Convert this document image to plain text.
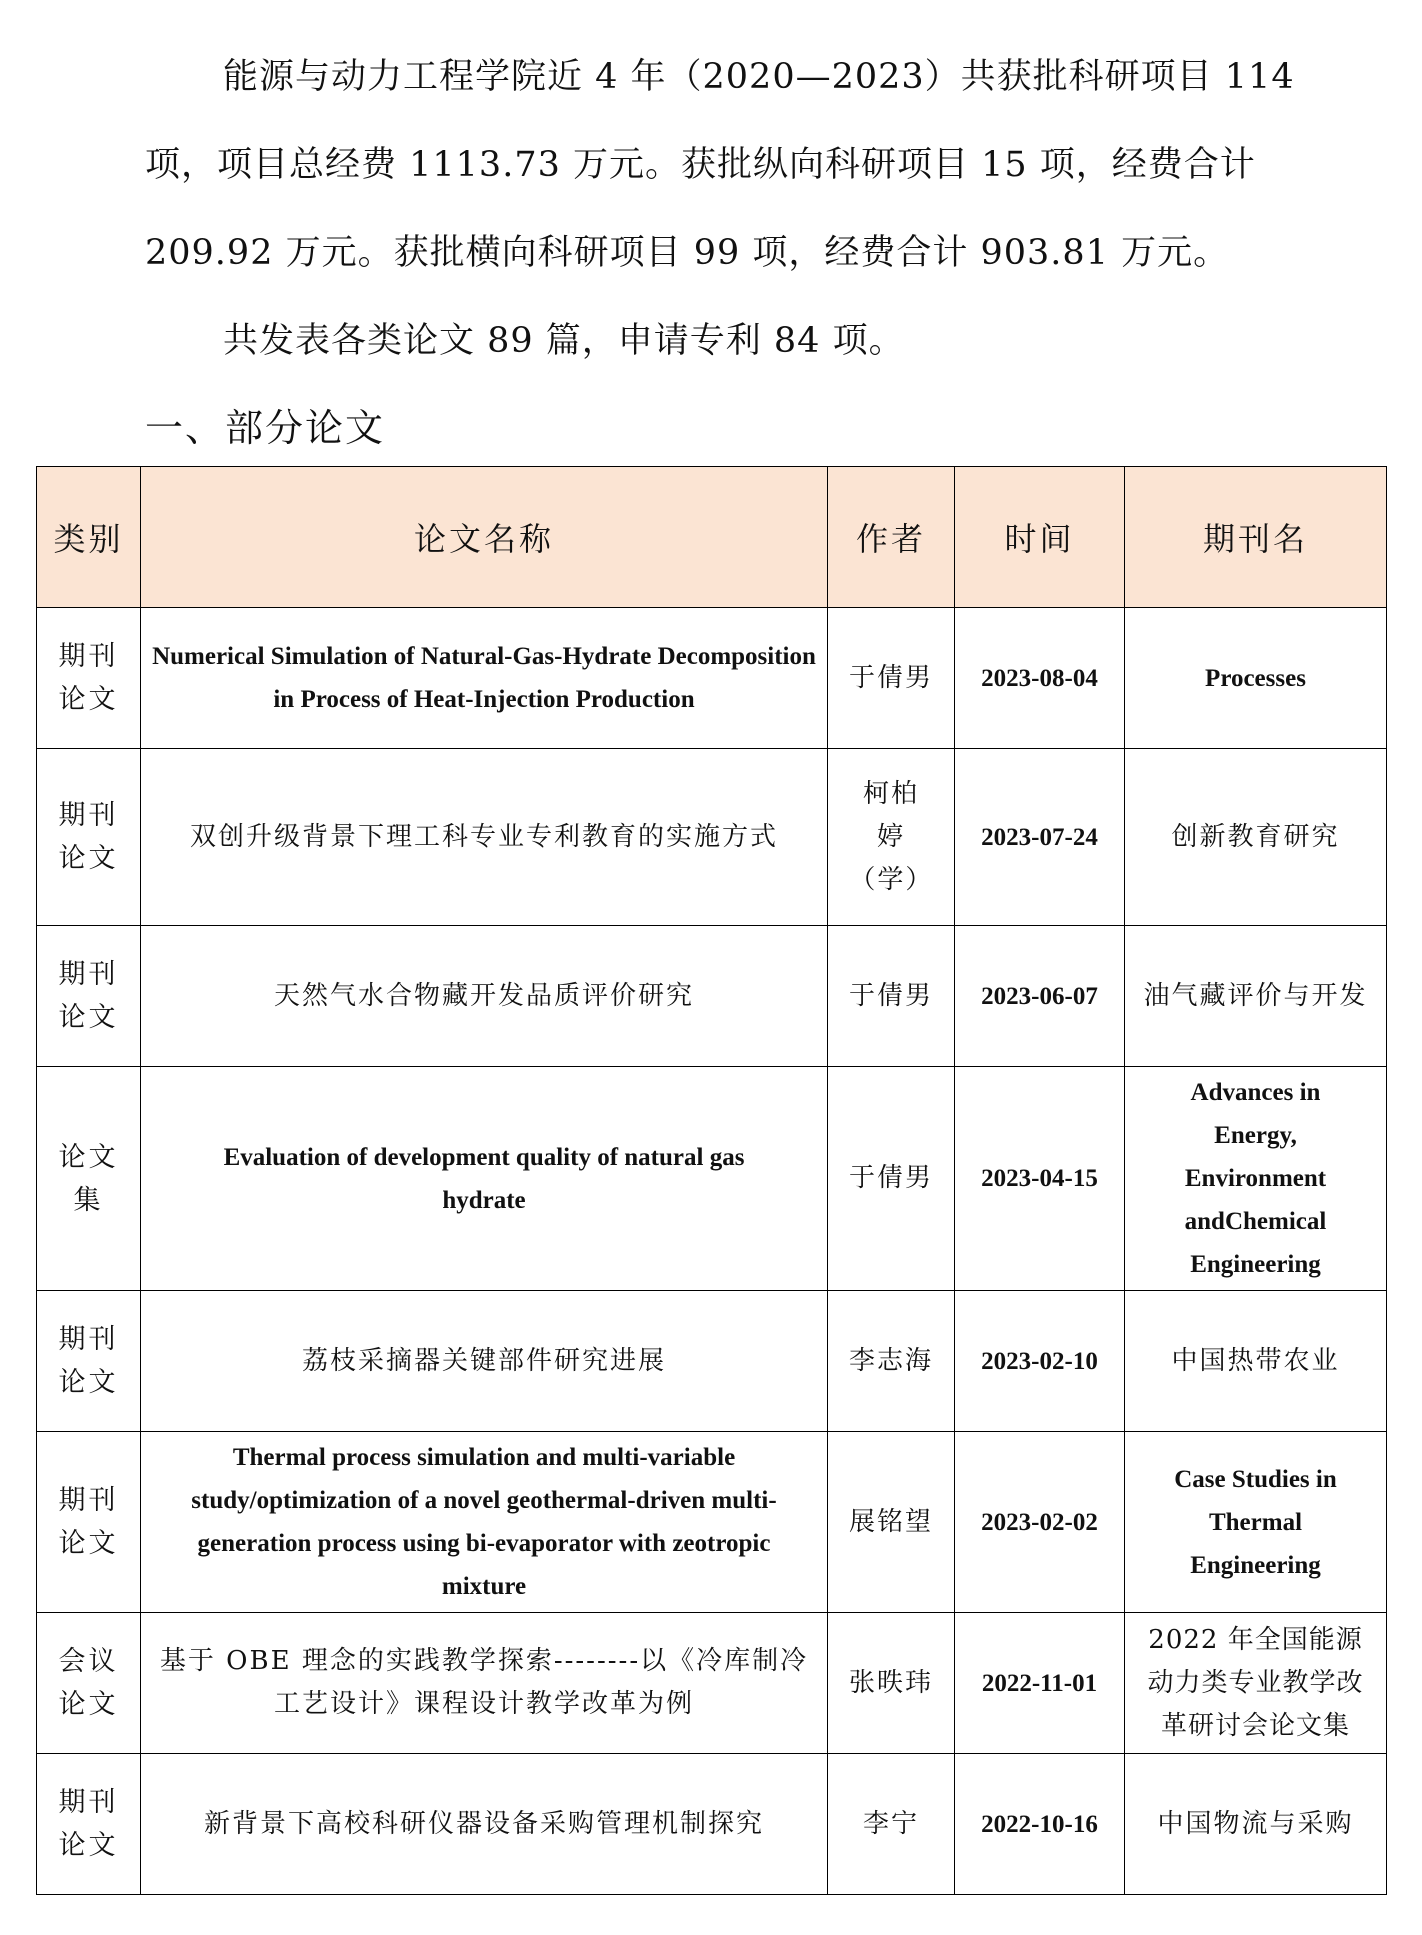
能源与动力工程学院近 4 年（2020—2023）共获批科研项目 114 项，项目总经费 1113.73 万元。获批纵向科研项目 15 项，经费合计 209.92 万元。获批横向科研项目 99 项，经费合计 903.81 万元。

共发表各类论文 89 篇，申请专利 84 项。

一、部分论文
类别	论文名称	作者	时间	期刊名
期刊论文	Numerical Simulation of Natural-Gas-Hydrate Decomposition in Process of Heat-Injection Production	于倩男	2023-08-04	Processes
期刊论文	双创升级背景下理工科专业专利教育的实施方式	柯柏婷（学）	2023-07-24	创新教育研究
期刊论文	天然气水合物藏开发品质评价研究	于倩男	2023-06-07	油气藏评价与开发
论文集	Evaluation of development quality of natural gas hydrate	于倩男	2023-04-15	Advances in Energy, Environment andChemical Engineering
期刊论文	荔枝采摘器关键部件研究进展	李志海	2023-02-10	中国热带农业
期刊论文	Thermal process simulation and multi-variable study/optimization of a novel geothermal-driven multi-generation process using bi-evaporator with zeotropic mixture	展铭望	2023-02-02	Case Studies in Thermal Engineering
会议论文	基于 OBE 理念的实践教学探索--------以《冷库制冷工艺设计》课程设计教学改革为例	张昳玮	2022-11-01	2022 年全国能源动力类专业教学改革研讨会论文集
期刊论文	新背景下高校科研仪器设备采购管理机制探究	李宁	2022-10-16	中国物流与采购
